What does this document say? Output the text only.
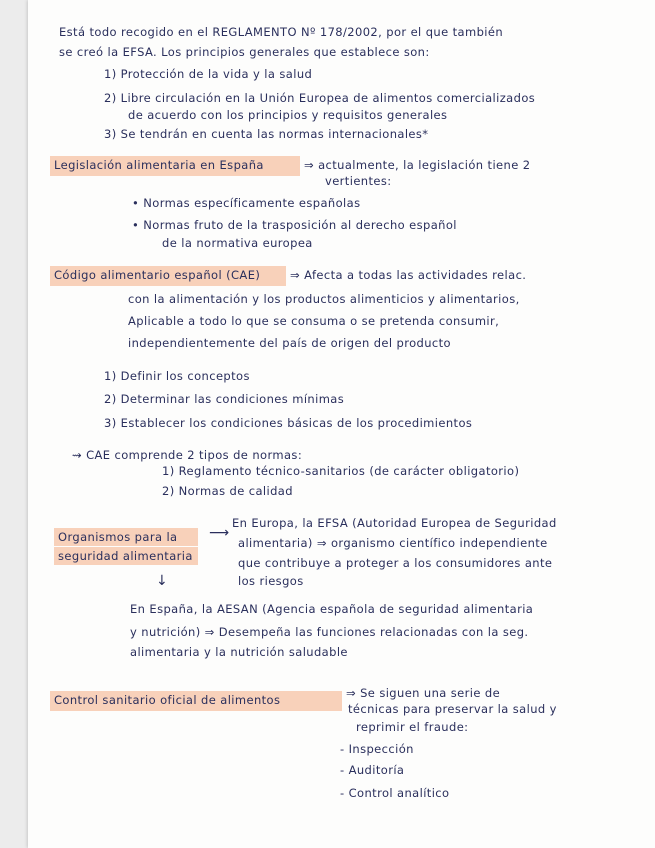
Está todo recogido en el REGLAMENTO Nº 178/2002, por el que también
se creó la EFSA. Los principios generales que establece son:
1) Protección de la vida y la salud
2) Libre circulación en la Unión Europea de alimentos comercializados
de acuerdo con los principios y requisitos generales
3) Se tendrán en cuenta las normas internacionales*
Legislación alimentaria en España	⇒ actualmente, la legislación tiene 2
vertientes:
• Normas específicamente españolas
• Normas fruto de la trasposición al derecho español
de la normativa europea
Código alimentario español (CAE)	⇒ Afecta a todas las actividades relac.
con la alimentación y los productos alimenticios y alimentarios,
Aplicable a todo lo que se consuma o se pretenda consumir,
independientemente del país de origen del producto
1) Definir los conceptos
2) Determinar las condiciones mínimas
3) Establecer los condiciones básicas de los procedimientos
⇝ CAE comprende 2 tipos de normas:
1) Reglamento técnico-sanitarios (de carácter obligatorio)
2) Normas de calidad
Organismos para la
seguridad alimentaria
⟶
↓
En Europa, la EFSA (Autoridad Europea de Seguridad
alimentaria) ⇒ organismo científico independiente
que contribuye a proteger a los consumidores ante
los riesgos
En España, la AESAN (Agencia española de seguridad alimentaria
y nutrición) ⇒ Desempeña las funciones relacionadas con la seg.
alimentaria y la nutrición saludable
Control sanitario oficial de alimentos	⇒ Se siguen una serie de
técnicas para preservar la salud y
reprimir el fraude:
- Inspección
- Auditoría
- Control analítico
